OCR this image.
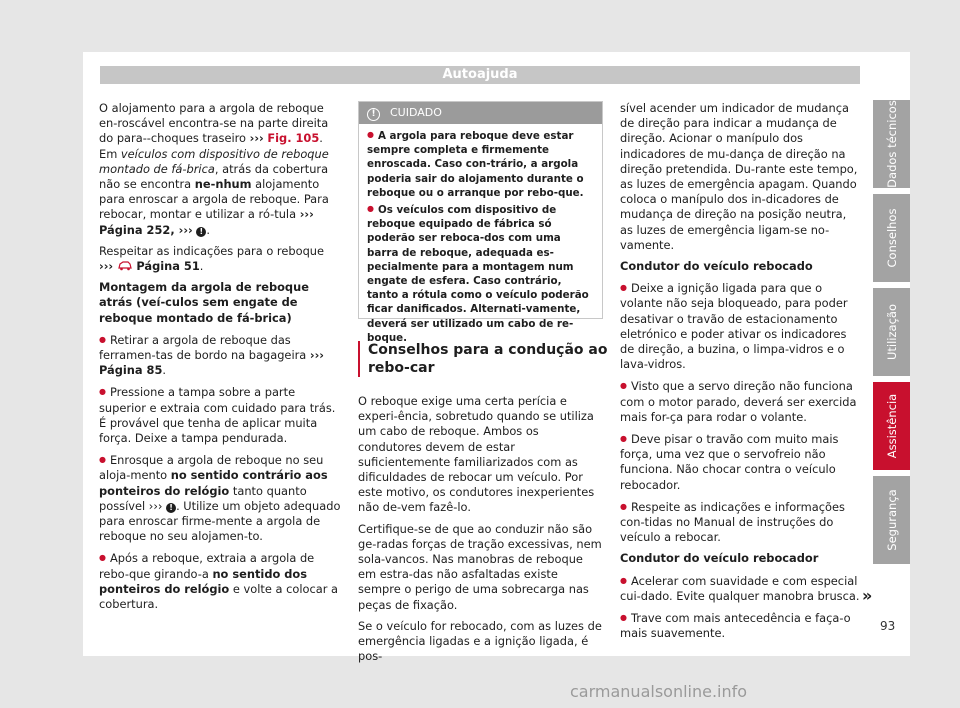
Autoajuda

O alojamento para a argola de reboque en-roscável encontra-se na parte direita do para--choques traseiro ››› Fig. 105. Em veículos com dispositivo de reboque montado de fá-brica, atrás da cobertura não se encontra ne-nhum alojamento para enroscar a argola de reboque. Para rebocar, montar e utilizar a ró-tula ››› Página 252, ››› ! .

Respeitar as indicações para o reboque
››› Página 51.

Montagem da argola de reboque atrás (veí-culos sem engate de reboque montado de fá-brica)

● Retirar a argola de reboque das ferramen-tas de bordo na bagageira ››› Página 85.

● Pressione a tampa sobre a parte superior e extraia com cuidado para trás. É provável que tenha de aplicar muita força. Deixe a tampa pendurada.

● Enrosque a argola de reboque no seu aloja-mento no sentido contrário aos ponteiros do relógio tanto quanto possível ››› ! . Utilize um objeto adequado para enroscar firme-mente a argola de reboque no seu alojamen-to.

● Após a reboque, extraia a argola de rebo-que girando-a no sentido dos ponteiros do relógio e volte a colocar a cobertura.

! CUIDADO

● A argola para reboque deve estar sempre completa e firmemente enroscada. Caso con-trário, a argola poderia sair do alojamento durante o reboque ou o arranque por rebo-que.

● Os veículos com dispositivo de reboque equipado de fábrica só poderão ser reboca-dos com uma barra de reboque, adequada es-pecialmente para a montagem num engate de esfera. Caso contrário, tanto a rótula como o veículo poderão ficar danificados. Alternati-vamente, deverá ser utilizado um cabo de re-boque.

Conselhos para a condução ao rebo-car

O reboque exige uma certa perícia e experi-ência, sobretudo quando se utiliza um cabo de reboque. Ambos os condutores devem de estar suficientemente familiarizados com as dificuldades de rebocar um veículo. Por este motivo, os condutores inexperientes não de-vem fazê-lo.

Certifique-se de que ao conduzir não são ge-radas forças de tração excessivas, nem sola-vancos. Nas manobras de reboque em estra-das não asfaltadas existe sempre o perigo de uma sobrecarga nas peças de fixação.

Se o veículo for rebocado, com as luzes de emergência ligadas e a ignição ligada, é pos-

sível acender um indicador de mudança de direção para indicar a mudança de direção. Acionar o manípulo dos indicadores de mu-dança de direção na direção pretendida. Du-rante este tempo, as luzes de emergência apagam. Quando coloca o manípulo dos in-dicadores de mudança de direção na posição neutra, as luzes de emergência ligam-se no-vamente.

Condutor do veículo rebocado

● Deixe a ignição ligada para que o volante não seja bloqueado, para poder desativar o travão de estacionamento eletrónico e poder ativar os indicadores de direção, a buzina, o limpa-vidros e o lava-vidros.

● Visto que a servo direção não funciona com o motor parado, deverá ser exercida mais for-ça para rodar o volante.

● Deve pisar o travão com muito mais força, uma vez que o servofreio não funciona. Não chocar contra o veículo rebocador.

● Respeite as indicações e informações con-tidas no Manual de instruções do veículo a rebocar.

Condutor do veículo rebocador

● Acelerar com suavidade e com especial cui-dado. Evite qualquer manobra brusca.

● Trave com mais antecedência e faça-o mais suavemente.

»
Dados técnicos
Conselhos
Utilização
Assistência
Segurança
93
carmanualsonline.info
